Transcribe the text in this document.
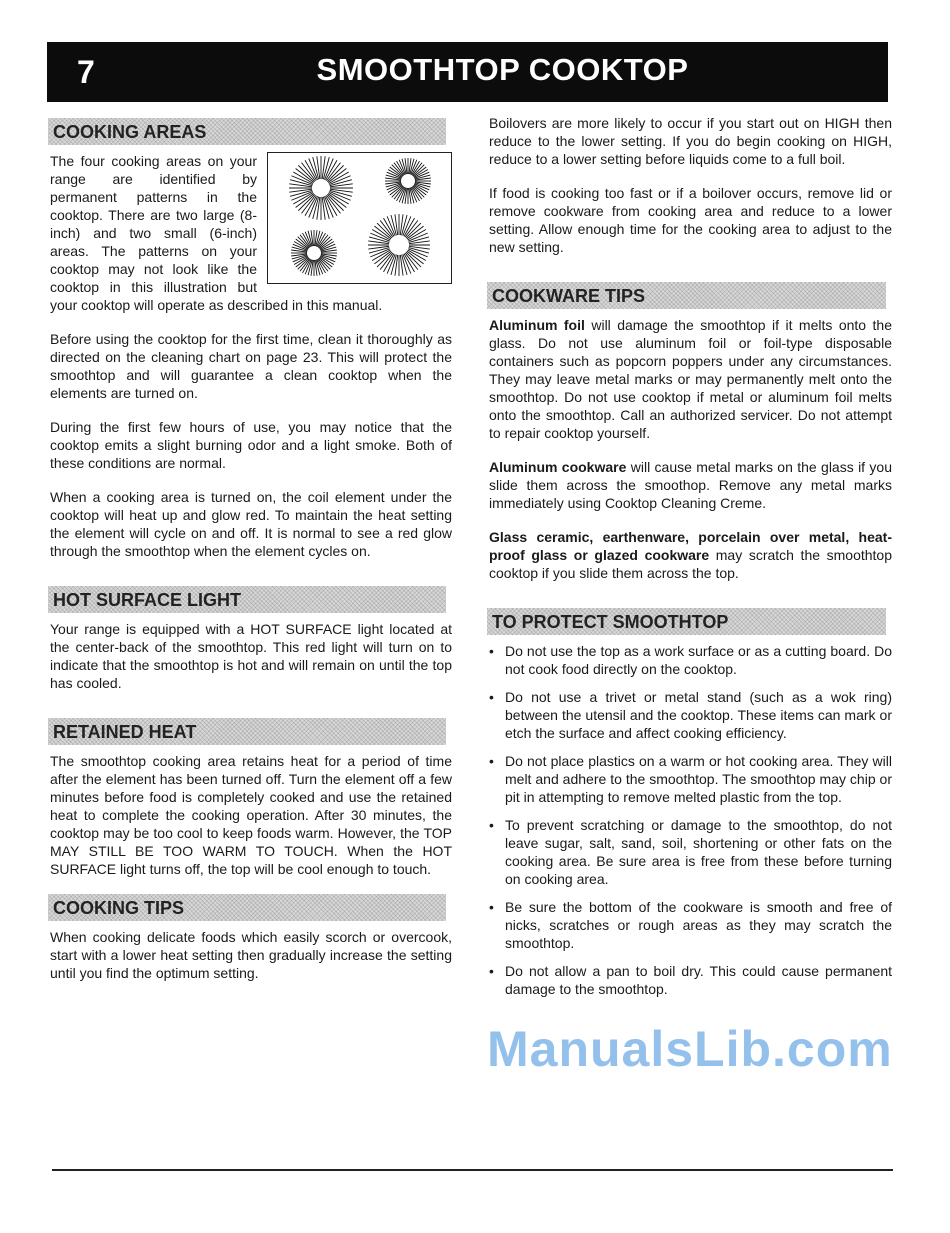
7	SMOOTHTOP COOKTOP
COOKING AREAS
The four cooking areas on your range are identified by permanent patterns in the cooktop. There are two large (8-inch) and two small (6-inch) areas. The patterns on your cooktop may not look like the cooktop in this illustration but your cooktop will operate as described in this manual.

Before using the cooktop for the first time, clean it thoroughly as directed on the cleaning chart on page 23. This will protect the smoothtop and will guarantee a clean cooktop when the elements are turned on.

During the first few hours of use, you may notice that the cooktop emits a slight burning odor and a light smoke. Both of these conditions are normal.

When a cooking area is turned on, the coil element under the cooktop will heat up and glow red. To maintain the heat setting the element will cycle on and off. It is normal to see a red glow through the smoothtop when the element cycles on.

HOT SURFACE LIGHT

Your range is equipped with a HOT SURFACE light located at the center-back of the smoothtop. This red light will turn on to indicate that the smoothtop is hot and will remain on until the top has cooled.

RETAINED HEAT

The smoothtop cooking area retains heat for a period of time after the element has been turned off. Turn the element off a few minutes before food is completely cooked and use the retained heat to complete the cooking operation. After 30 minutes, the cooktop may be too cool to keep foods warm. However, the TOP MAY STILL BE TOO WARM TO TOUCH. When the HOT SURFACE light turns off, the top will be cool enough to touch.

COOKING TIPS

When cooking delicate foods which easily scorch or overcook, start with a lower heat setting then gradually increase the setting until you find the optimum setting.

Boilovers are more likely to occur if you start out on HIGH then reduce to the lower setting. If you do begin cooking on HIGH, reduce to a lower setting before liquids come to a full boil.

If food is cooking too fast or if a boilover occurs, remove lid or remove cookware from cooking area and reduce to a lower setting. Allow enough time for the cooking area to adjust to the new setting.

COOKWARE TIPS

Aluminum foil will damage the smoothtop if it melts onto the glass. Do not use aluminum foil or foil-type disposable containers such as popcorn poppers under any circumstances. They may leave metal marks or may permanently melt onto the smoothtop. Do not use cooktop if metal or aluminum foil melts onto the smoothtop. Call an authorized servicer. Do not attempt to repair cooktop yourself.

Aluminum cookware will cause metal marks on the glass if you slide them across the smoothop. Remove any metal marks immediately using Cooktop Cleaning Creme.

Glass ceramic, earthenware, porcelain over metal, heat-proof glass or glazed cookware may scratch the smoothtop cooktop if you slide them across the top.

TO PROTECT SMOOTHTOP
• Do not use the top as a work surface or as a cutting board. Do not cook food directly on the cooktop.
• Do not use a trivet or metal stand (such as a wok ring) between the utensil and the cooktop. These items can mark or etch the surface and affect cooking efficiency.
• Do not place plastics on a warm or hot cooking area. They will melt and adhere to the smoothtop. The smoothtop may chip or pit in attempting to remove melted plastic from the top.
• To prevent scratching or damage to the smoothtop, do not leave sugar, salt, sand, soil, shortening or other fats on the cooking area. Be sure area is free from these before turning on cooking area.
• Be sure the bottom of the cookware is smooth and free of nicks, scratches or rough areas as they may scratch the smoothtop.
• Do not allow a pan to boil dry. This could cause permanent damage to the smoothtop.
ManualsLib.com
